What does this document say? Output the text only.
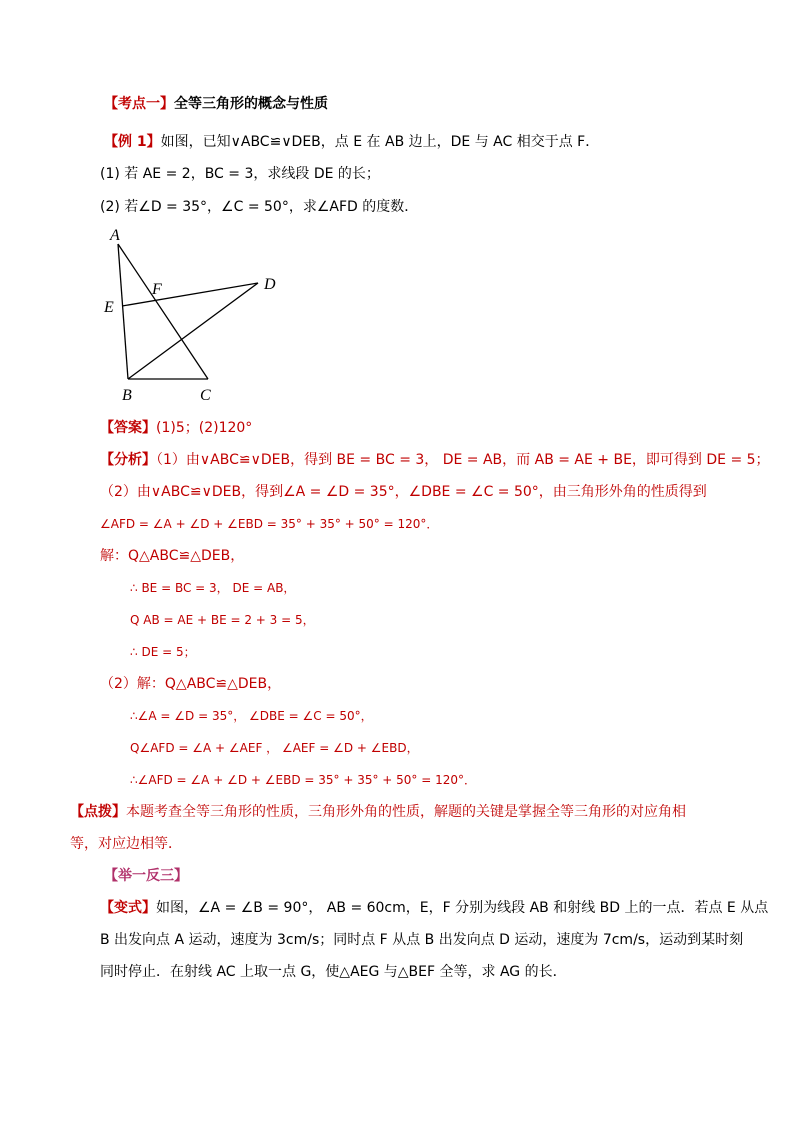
【考点一】全等三角形的概念与性质
【例 1】如图，已知∨ABC≌∨DEB，点 E 在 AB 边上，DE 与 AC 相交于点 F．
(1) 若 AE = 2，BC = 3，求线段 DE 的长；
(2) 若∠D = 35°，∠C = 50°，求∠AFD 的度数．
A
E
F	D
B	C
【答案】(1)5；(2)120°
【分析】（1）由∨ABC≌∨DEB，得到 BE = BC = 3， DE = AB，而 AB = AE + BE，即可得到 DE = 5；
（2）由∨ABC≌∨DEB，得到∠A = ∠D = 35°，∠DBE = ∠C = 50°，由三角形外角的性质得到
∠AFD = ∠A + ∠D + ∠EBD = 35° + 35° + 50° = 120°．
解：Q△ABC≌△DEB，
∴ BE = BC = 3， DE = AB，
Q AB = AE + BE = 2 + 3 = 5，
∴ DE = 5；
（2）解：Q△ABC≌△DEB，
∴∠A = ∠D = 35°， ∠DBE = ∠C = 50°，
Q∠AFD = ∠A + ∠AEF ， ∠AEF = ∠D + ∠EBD，
∴∠AFD = ∠A + ∠D + ∠EBD = 35° + 35° + 50° = 120°．
【点拨】本题考查全等三角形的性质，三角形外角的性质，解题的关键是掌握全等三角形的对应角相
等，对应边相等．
【举一反三】
【变式】如图，∠A = ∠B = 90°， AB = 60cm，E，F 分别为线段 AB 和射线 BD 上的一点．若点 E 从点
B 出发向点 A 运动，速度为 3cm/s；同时点 F 从点 B 出发向点 D 运动，速度为 7cm/s，运动到某时刻
同时停止．在射线 AC 上取一点 G，使△AEG 与△BEF 全等，求 AG 的长．
